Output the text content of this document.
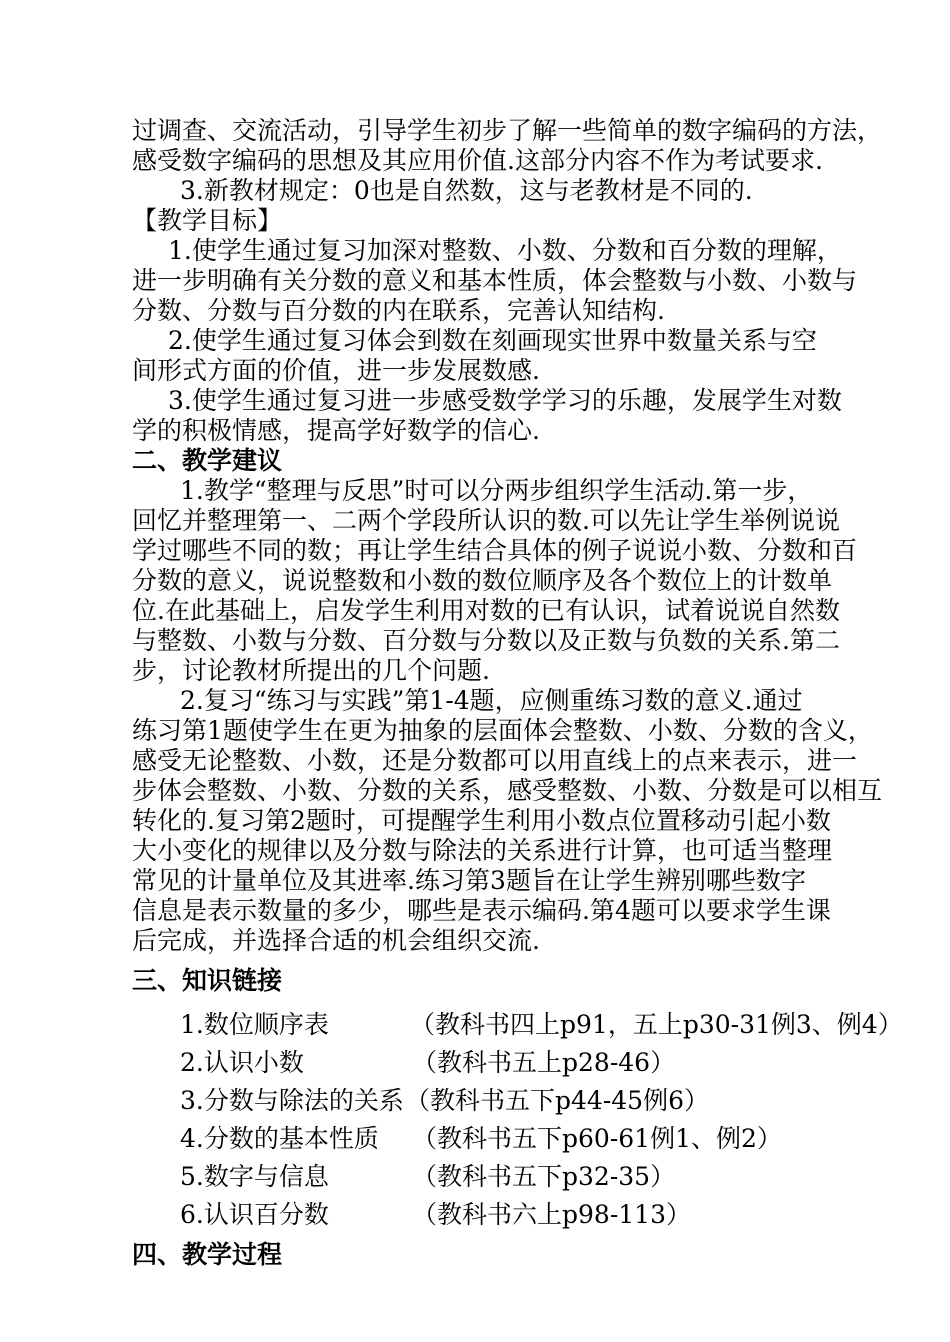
过调查、交流活动，引导学生初步了解一些简单的数字编码的方法，
感受数字编码的思想及其应用价值.这部分内容不作为考试要求.
3.新教材规定：0也是自然数，这与老教材是不同的.
【教学目标】
1.使学生通过复习加深对整数、小数、分数和百分数的理解，
进一步明确有关分数的意义和基本性质，体会整数与小数、小数与
分数、分数与百分数的内在联系，完善认知结构.
2.使学生通过复习体会到数在刻画现实世界中数量关系与空
间形式方面的价值，进一步发展数感.
3.使学生通过复习进一步感受数学学习的乐趣，发展学生对数
学的积极情感，提高学好数学的信心.
二、教学建议
1.教学“整理与反思”时可以分两步组织学生活动.第一步，
回忆并整理第一、二两个学段所认识的数.可以先让学生举例说说
学过哪些不同的数；再让学生结合具体的例子说说小数、分数和百
分数的意义，说说整数和小数的数位顺序及各个数位上的计数单
位.在此基础上，启发学生利用对数的已有认识，试着说说自然数
与整数、小数与分数、百分数与分数以及正数与负数的关系.第二
步，讨论教材所提出的几个问题.
2.复习“练习与实践”第1-4题，应侧重练习数的意义.通过
练习第1题使学生在更为抽象的层面体会整数、小数、分数的含义，
感受无论整数、小数，还是分数都可以用直线上的点来表示，进一
步体会整数、小数、分数的关系，感受整数、小数、分数是可以相互
转化的.复习第2题时，可提醒学生利用小数点位置移动引起小数
大小变化的规律以及分数与除法的关系进行计算，也可适当整理
常见的计量单位及其进率.练习第3题旨在让学生辨别哪些数字
信息是表示数量的多少，哪些是表示编码.第4题可以要求学生课
后完成，并选择合适的机会组织交流.
三、知识链接
1.数位顺序表	（教科书四上p91，五上p30-31例3、例4）
2.认识小数	（教科书五上p28-46）
3.分数与除法的关系 （教科书五下p44-45例6）
4.分数的基本性质 （教科书五下p60-61例1、例2）
5.数字与信息	（教科书五下p32-35）
6.认识百分数	（教科书六上p98-113）
四、教学过程
